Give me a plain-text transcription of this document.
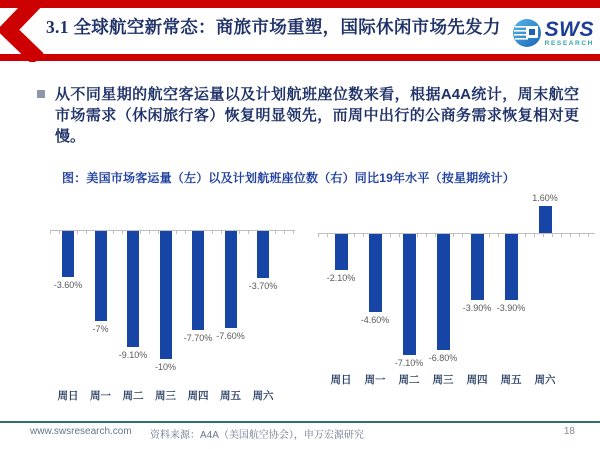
3.1 全球航空新常态：商旅市场重塑，国际休闲市场先发力	SWS
RESEARCH

从不同星期的航空客运量以及计划航班座位数来看，根据A4A统计，周末航空市场需求（休闲旅行客）恢复明显领先，而周中出行的公商务需求恢复相对更慢。

图：美国市场客运量（左）以及计划航班座位数（右）同比19年水平（按星期统计）
-3.60%
周日
-7%
周一
-9.10%
周二
-10%
周三
-7.70%
周四
-7.60%
周五
-3.70%
周六
-2.10%
周日
-4.60%
周一
-7.10%
周二
-6.80%
周三
-3.90%
周四
-3.90%
周五
1.60%
周六
www.swsresearch.com 资料来源：A4A（美国航空协会），申万宏源研究	18
